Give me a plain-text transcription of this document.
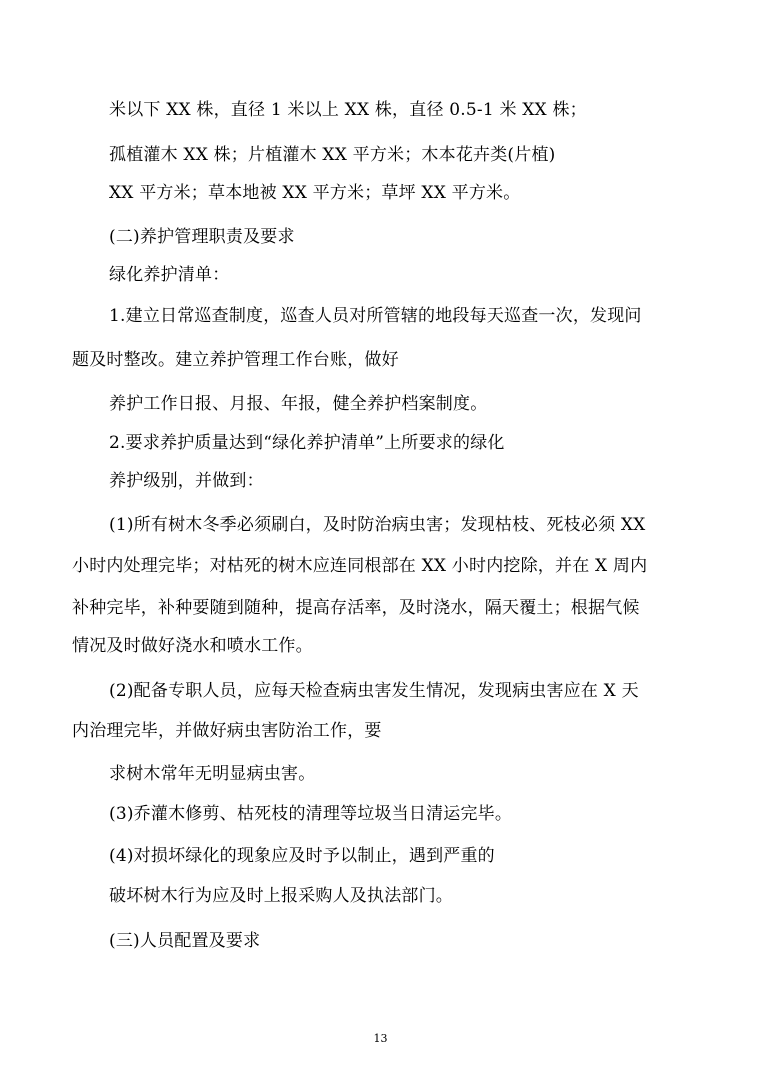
米以下 XX 株，直径 1 米以上 XX 株，直径 0.5-1 米 XX 株；
孤植灌木 XX 株；片植灌木 XX 平方米；木本花卉类(片植)
XX 平方米；草本地被 XX 平方米；草坪 XX 平方米。
(二)养护管理职责及要求
绿化养护清单：
1.建立日常巡查制度，巡查人员对所管辖的地段每天巡查一次，发现问
题及时整改。建立养护管理工作台账，做好
养护工作日报、月报、年报，健全养护档案制度。
2.要求养护质量达到“绿化养护清单”上所要求的绿化
养护级别，并做到：
(1)所有树木冬季必须刷白，及时防治病虫害；发现枯枝、死枝必须 XX
小时内处理完毕；对枯死的树木应连同根部在 XX 小时内挖除，并在 X 周内
补种完毕，补种要随到随种，提高存活率，及时浇水，隔天覆土；根据气候
情况及时做好浇水和喷水工作。
(2)配备专职人员，应每天检查病虫害发生情况，发现病虫害应在 X 天
内治理完毕，并做好病虫害防治工作，要
求树木常年无明显病虫害。
(3)乔灌木修剪、枯死枝的清理等垃圾当日清运完毕。
(4)对损坏绿化的现象应及时予以制止，遇到严重的
破坏树木行为应及时上报采购人及执法部门。
(三)人员配置及要求
13
